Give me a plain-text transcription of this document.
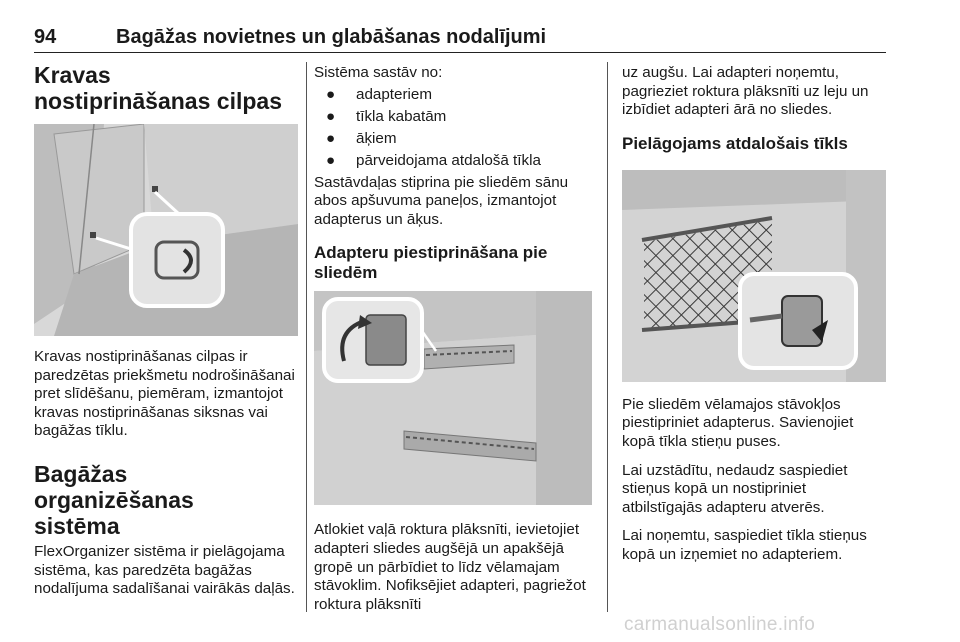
94	Bagāžas novietnes un glabāšanas nodalījumi
Kravas nostiprināšanas cilpas

Kravas nostiprināšanas cilpas ir paredzētas priekšmetu nodrošināšanai pret slīdēšanu, piemēram, izmantojot kravas nostiprināšanas siksnas vai bagāžas tīklu.

Bagāžas organizēšanas sistēma

FlexOrganizer sistēma ir pielāgojama sistēma, kas paredzēta bagāžas nodalījuma sadalīšanai vairākās daļās.

Sistēma sastāv no:

● adapteriem
● tīkla kabatām
● āķiem
● pārveidojama atdalošā tīkla

Sastāvdaļas stiprina pie sliedēm sānu abos apšuvuma paneļos, izmantojot adapterus un āķus.

Adapteru piestiprināšana pie sliedēm

Atlokiet vaļā roktura plāksnīti, ievietojiet adapteri sliedes augšējā un apakšējā gropē un pārbīdiet to līdz vēlamajam stāvoklim. Nofiksējiet adapteri, pagriežot roktura plāksnīti

uz augšu. Lai adapteri noņemtu, pagrieziet roktura plāksnīti uz leju un izbīdiet adapteri ārā no sliedes.

Pielāgojams atdalošais tīkls

Pie sliedēm vēlamajos stāvokļos piestipriniet adapterus. Savienojiet kopā tīkla stieņu puses.

Lai uzstādītu, nedaudz saspiediet stieņus kopā un nostipriniet atbilstīgajās adapteru atverēs.

Lai noņemtu, saspiediet tīkla stieņus kopā un izņemiet no adapteriem.

carmanualsonline.info
